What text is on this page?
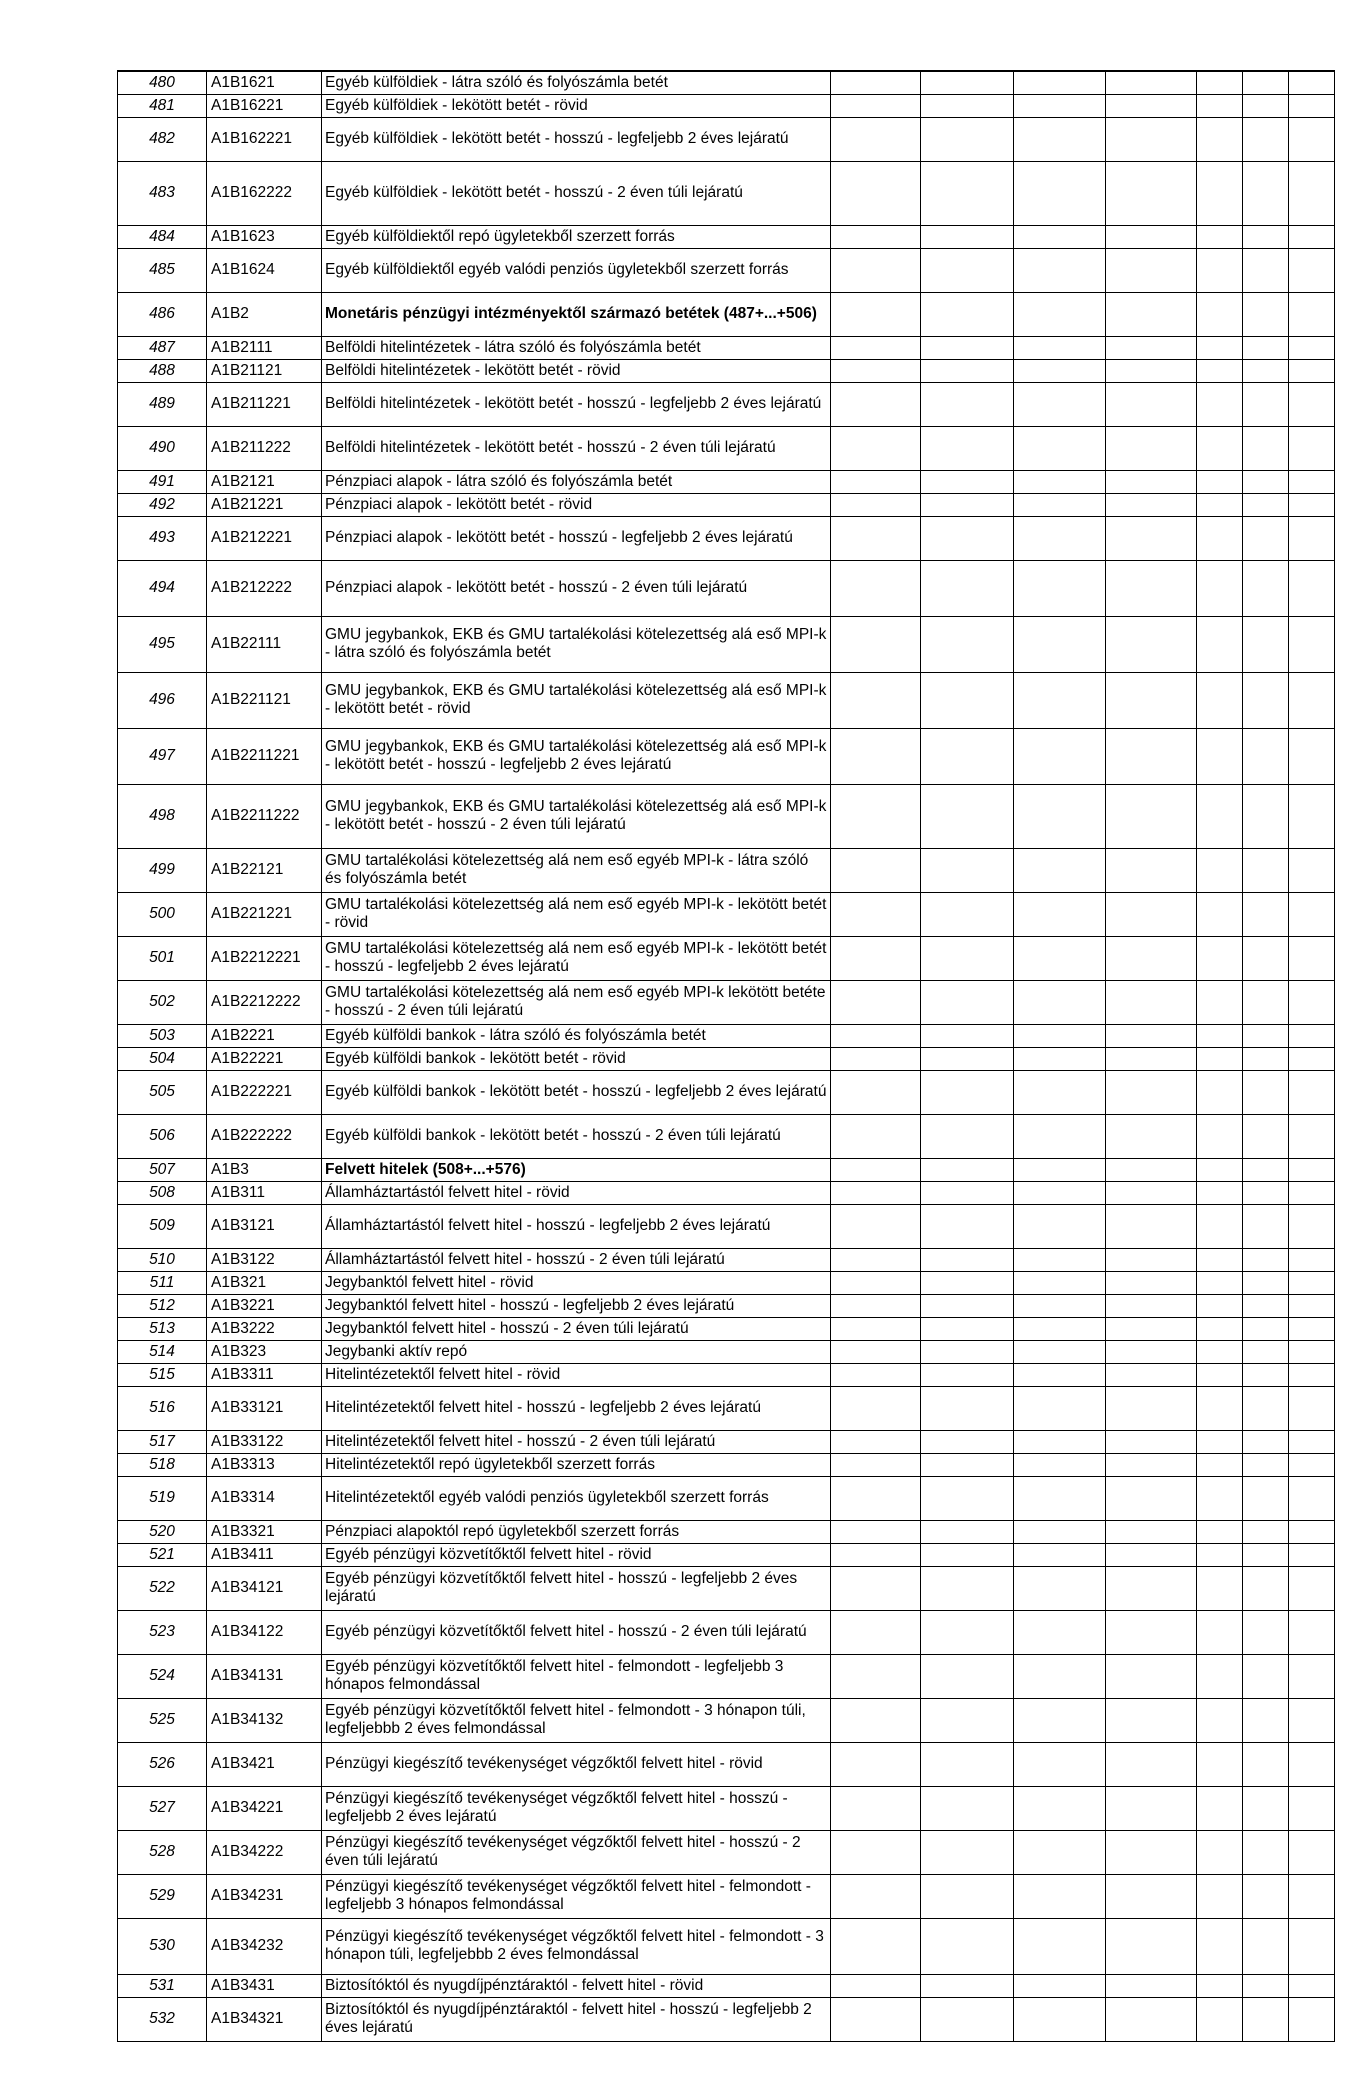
480	A1B1621	Egyéb külföldiek - látra szóló és folyószámla betét							
481	A1B16221	Egyéb külföldiek - lekötött betét - rövid							
482	A1B162221	Egyéb külföldiek - lekötött betét - hosszú - legfeljebb 2 éves lejáratú							
483	A1B162222	Egyéb külföldiek - lekötött betét - hosszú - 2 éven túli lejáratú							
484	A1B1623	Egyéb külföldiektől repó ügyletekből szerzett forrás							
485	A1B1624	Egyéb külföldiektől egyéb valódi penziós ügyletekből szerzett forrás							
486	A1B2	Monetáris pénzügyi intézményektől származó betétek (487+...+506)							
487	A1B2111	Belföldi hitelintézetek - látra szóló és folyószámla betét							
488	A1B21121	Belföldi hitelintézetek - lekötött betét - rövid							
489	A1B211221	Belföldi hitelintézetek - lekötött betét - hosszú - legfeljebb 2 éves lejáratú							
490	A1B211222	Belföldi hitelintézetek - lekötött betét - hosszú - 2 éven túli lejáratú							
491	A1B2121	Pénzpiaci alapok - látra szóló és folyószámla betét							
492	A1B21221	Pénzpiaci alapok - lekötött betét - rövid							
493	A1B212221	Pénzpiaci alapok - lekötött betét - hosszú - legfeljebb 2 éves lejáratú							
494	A1B212222	Pénzpiaci alapok - lekötött betét - hosszú - 2 éven túli lejáratú							
495	A1B22111	GMU jegybankok, EKB és GMU tartalékolási kötelezettség alá eső MPI-k - látra szóló és folyószámla betét							
496	A1B221121	GMU jegybankok, EKB és GMU tartalékolási kötelezettség alá eső MPI-k - lekötött betét - rövid							
497	A1B2211221	GMU jegybankok, EKB és GMU tartalékolási kötelezettség alá eső MPI-k - lekötött betét - hosszú - legfeljebb 2 éves lejáratú							
498	A1B2211222	GMU jegybankok, EKB és GMU tartalékolási kötelezettség alá eső MPI-k - lekötött betét - hosszú - 2 éven túli lejáratú							
499	A1B22121	GMU tartalékolási kötelezettség alá nem eső egyéb MPI-k - látra szóló és folyószámla betét							
500	A1B221221	GMU tartalékolási kötelezettség alá nem eső egyéb MPI-k - lekötött betét - rövid							
501	A1B2212221	GMU tartalékolási kötelezettség alá nem eső egyéb MPI-k - lekötött betét - hosszú - legfeljebb 2 éves lejáratú							
502	A1B2212222	GMU tartalékolási kötelezettség alá nem eső egyéb MPI-k lekötött betéte - hosszú - 2 éven túli lejáratú							
503	A1B2221	Egyéb külföldi bankok - látra szóló és folyószámla betét							
504	A1B22221	Egyéb külföldi bankok - lekötött betét - rövid							
505	A1B222221	Egyéb külföldi bankok - lekötött betét - hosszú - legfeljebb 2 éves lejáratú							
506	A1B222222	Egyéb külföldi bankok - lekötött betét - hosszú - 2 éven túli lejáratú							
507	A1B3	Felvett hitelek (508+...+576)							
508	A1B311	Államháztartástól felvett hitel - rövid							
509	A1B3121	Államháztartástól felvett hitel - hosszú - legfeljebb 2 éves lejáratú							
510	A1B3122	Államháztartástól felvett hitel - hosszú - 2 éven túli lejáratú							
511	A1B321	Jegybanktól felvett hitel - rövid							
512	A1B3221	Jegybanktól felvett hitel - hosszú - legfeljebb 2 éves lejáratú							
513	A1B3222	Jegybanktól felvett hitel - hosszú - 2 éven túli lejáratú							
514	A1B323	Jegybanki aktív repó							
515	A1B3311	Hitelintézetektől felvett hitel - rövid							
516	A1B33121	Hitelintézetektől felvett hitel - hosszú - legfeljebb 2 éves lejáratú							
517	A1B33122	Hitelintézetektől felvett hitel - hosszú - 2 éven túli lejáratú							
518	A1B3313	Hitelintézetektől repó ügyletekből szerzett forrás							
519	A1B3314	Hitelintézetektől egyéb valódi penziós ügyletekből szerzett forrás							
520	A1B3321	Pénzpiaci alapoktól repó ügyletekből szerzett forrás							
521	A1B3411	Egyéb pénzügyi közvetítőktől felvett hitel - rövid							
522	A1B34121	Egyéb pénzügyi közvetítőktől felvett hitel - hosszú - legfeljebb 2 éves lejáratú							
523	A1B34122	Egyéb pénzügyi közvetítőktől felvett hitel - hosszú - 2 éven túli lejáratú							
524	A1B34131	Egyéb pénzügyi közvetítőktől felvett hitel - felmondott - legfeljebb 3 hónapos felmondással							
525	A1B34132	Egyéb pénzügyi közvetítőktől felvett hitel - felmondott - 3 hónapon túli, legfeljebbb 2 éves felmondással							
526	A1B3421	Pénzügyi kiegészítő tevékenységet végzőktől felvett hitel - rövid							
527	A1B34221	Pénzügyi kiegészítő tevékenységet végzőktől felvett hitel - hosszú - legfeljebb 2 éves lejáratú							
528	A1B34222	Pénzügyi kiegészítő tevékenységet végzőktől felvett hitel - hosszú - 2 éven túli lejáratú							
529	A1B34231	Pénzügyi kiegészítő tevékenységet végzőktől felvett hitel - felmondott - legfeljebb 3 hónapos felmondással							
530	A1B34232	Pénzügyi kiegészítő tevékenységet végzőktől felvett hitel - felmondott - 3 hónapon túli, legfeljebbb 2 éves felmondással							
531	A1B3431	Biztosítóktól és nyugdíjpénztáraktól - felvett hitel - rövid							
532	A1B34321	Biztosítóktól és nyugdíjpénztáraktól - felvett hitel - hosszú - legfeljebb 2 éves lejáratú							
